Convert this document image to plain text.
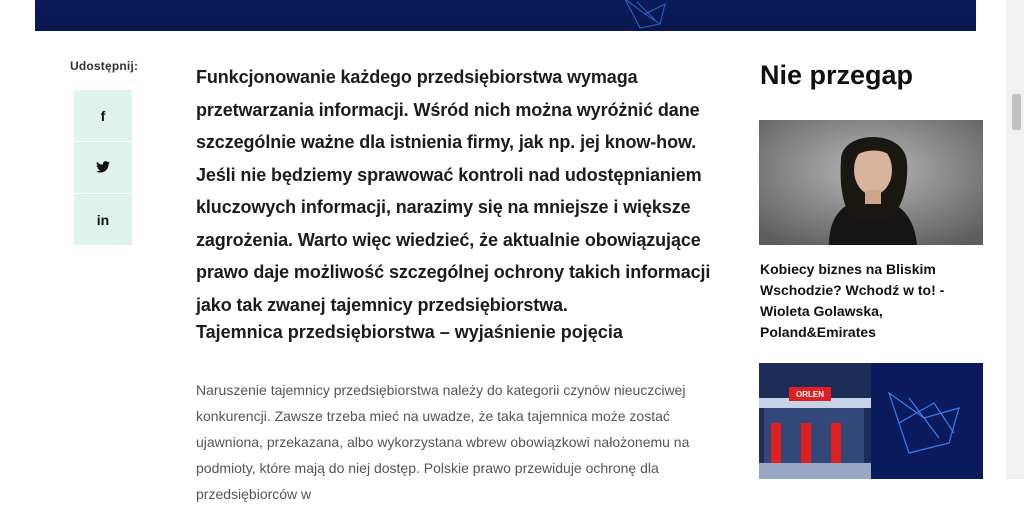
Udostępnij:
f
in

Funkcjonowanie każdego przedsiębiorstwa wymaga przetwarzania informacji. Wśród nich można wyróżnić dane szczególnie ważne dla istnienia firmy, jak np. jej know-how. Jeśli nie będziemy sprawować kontroli nad udostępnianiem kluczowych informacji, narazimy się na mniejsze i większe zagrożenia. Warto więc wiedzieć, że aktualnie obowiązujące prawo daje możliwość szczególnej ochrony takich informacji jako tak zwanej tajemnicy przedsiębiorstwa.

Tajemnica przedsiębiorstwa – wyjaśnienie pojęcia

Naruszenie tajemnicy przedsiębiorstwa należy do kategorii czynów nieuczciwej konkurencji. Zawsze trzeba mieć na uwadze, że taka tajemnica może zostać ujawniona, przekazana, albo wykorzystana wbrew obowiązkowi nałożonemu na podmioty, które mają do niej dostęp. Polskie prawo przewiduje ochronę dla przedsiębiorców w

Nie przegap

Kobiecy biznes na Bliskim Wschodzie? Wchodź w to! - Wioleta Golawska, Poland&Emirates

ORLEN
